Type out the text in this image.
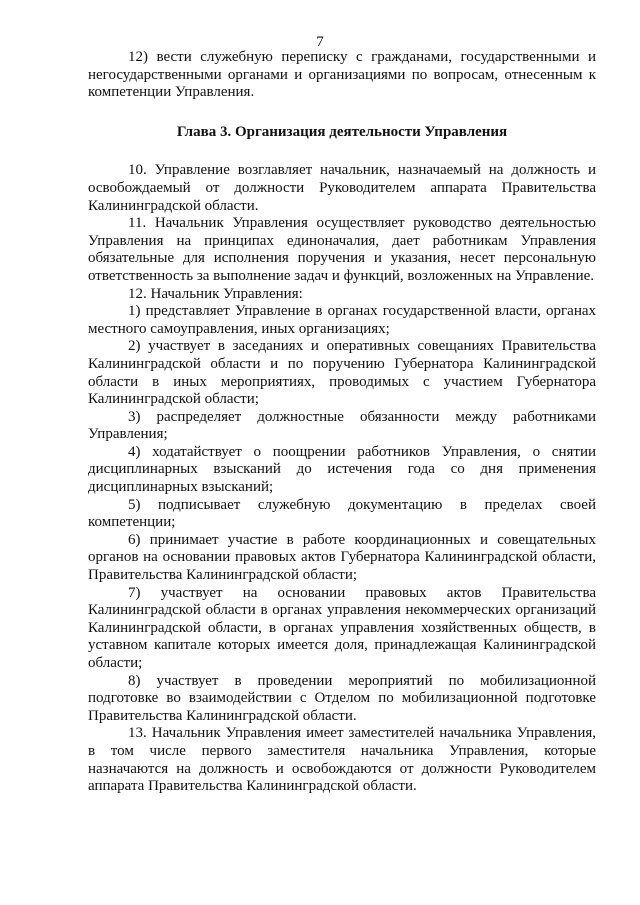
7

12) вести служебную переписку с гражданами, государственными и негосударственными органами и организациями по вопросам, отнесенным к компетенции Управления.

Глава 3. Организация деятельности Управления

10. Управление возглавляет начальник, назначаемый на должность и освобождаемый от должности Руководителем аппарата Правительства Калининградской области.

11. Начальник Управления осуществляет руководство деятельностью Управления на принципах единоначалия, дает работникам Управления обязательные для исполнения поручения и указания, несет персональную ответственность за выполнение задач и функций, возложенных на Управление.

12. Начальник Управления:

1) представляет Управление в органах государственной власти, органах местного самоуправления, иных организациях;

2) участвует в заседаниях и оперативных совещаниях Правительства Калининградской области и по поручению Губернатора Калининградской области в иных мероприятиях, проводимых с участием Губернатора Калининградской области;

3) распределяет должностные обязанности между работниками Управления;

4) ходатайствует о поощрении работников Управления, о снятии дисциплинарных взысканий до истечения года со дня применения дисциплинарных взысканий;

5) подписывает служебную документацию в пределах своей компетенции;

6) принимает участие в работе координационных и совещательных органов на основании правовых актов Губернатора Калининградской области, Правительства Калининградской области;

7) участвует на основании правовых актов Правительства Калининградской области в органах управления некоммерческих организаций Калининградской области, в органах управления хозяйственных обществ, в уставном капитале которых имеется доля, принадлежащая Калининградской области;

8) участвует в проведении мероприятий по мобилизационной подготовке во взаимодействии с Отделом по мобилизационной подготовке Правительства Калининградской области.

13. Начальник Управления имеет заместителей начальника Управления, в том числе первого заместителя начальника Управления, которые назначаются на должность и освобождаются от должности Руководителем аппарата Правительства Калининградской области.
